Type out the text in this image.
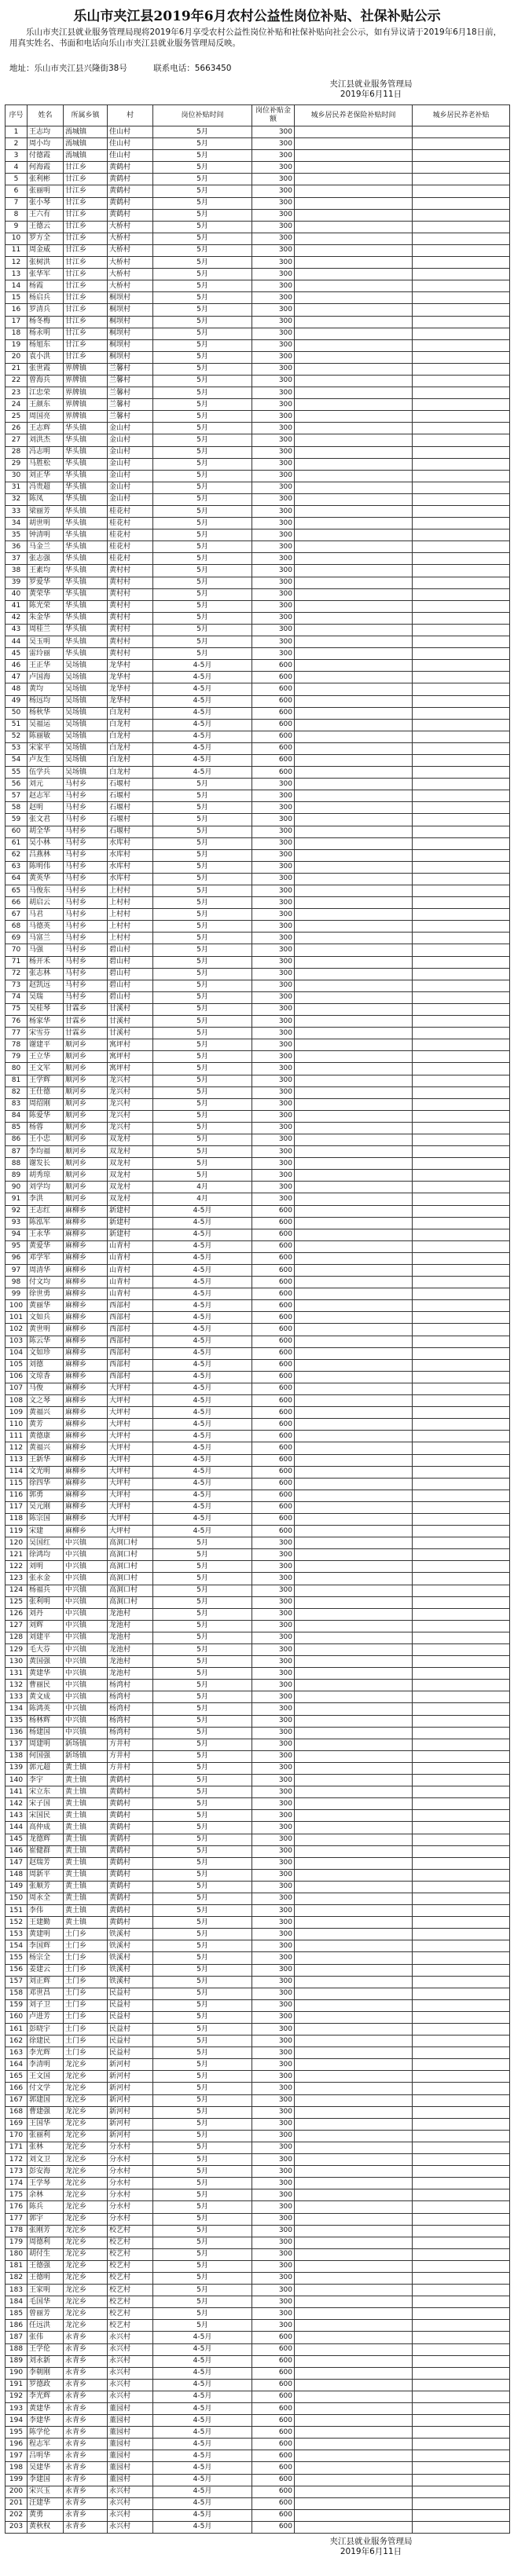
乐山市夹江县2019年6月农村公益性岗位补贴、社保补贴公示

乐山市夹江县就业服务管理局现将2019年6月享受农村公益性岗位补贴和社保补贴向社会公示，如有异议请于2019年6月18日前，用真实姓名、书面和电话向乐山市夹江县就业服务管理局反映。

地址：乐山市夹江县兴隆街38号	联系电话：5663450
夹江县就业服务管理局
2019年6月11日
序号	姓名	所属乡镇	村	岗位补贴时间	岗位补贴金额	城乡居民养老保险补贴时间	城乡居民养老补贴
1	王志均	漹城镇	佳山村	5月	300		
2	周小均	漹城镇	佳山村	5月	300		
3	付德霞	漹城镇	佳山村	5月	300		
4	何海霞	甘江乡	黄鹤村	5月	300		
5	张利彬	甘江乡	黄鹤村	5月	300		
6	张丽明	甘江乡	黄鹤村	5月	300		
7	张小琴	甘江乡	黄鹤村	5月	300		
8	王六有	甘江乡	黄鹤村	5月	300		
9	王德云	甘江乡	大桥村	5月	300		
10	罗方全	甘江乡	大桥村	5月	300		
11	周金威	甘江乡	大桥村	5月	300		
12	张树洪	甘江乡	大桥村	5月	300		
13	张华军	甘江乡	大桥村	5月	300		
14	杨霞	甘江乡	大桥村	5月	300		
15	杨启兵	甘江乡	桐坝村	5月	300		
16	罗清兵	甘江乡	桐坝村	5月	300		
17	杨冬梅	甘江乡	桐坝村	5月	300		
18	杨永明	甘江乡	桐坝村	5月	300		
19	杨旭东	甘江乡	桐坝村	5月	300		
20	袁小洪	甘江乡	桐坝村	5月	300		
21	张世霞	界牌镇	兰馨村	5月	300		
22	曾海兵	界牌镇	兰馨村	5月	300		
23	江忠荣	界牌镇	兰馨村	5月	300		
24	王颜东	界牌镇	兰馨村	5月	300		
25	周国亮	界牌镇	兰馨村	5月	300		
26	王志辉	华头镇	金山村	5月	300		
27	刘洪杰	华头镇	金山村	5月	300		
28	冯志明	华头镇	金山村	5月	300		
29	马胜松	华头镇	金山村	5月	300		
30	刘正华	华头镇	金山村	5月	300		
31	冯贵超	华头镇	金山村	5月	300		
32	陈凤	华头镇	金山村	5月	300		
33	梁丽芳	华头镇	桂花村	5月	300		
34	胡世明	华头镇	桂花村	5月	300		
35	钟清明	华头镇	桂花村	5月	300		
36	马金兰	华头镇	桂花村	5月	300		
37	张志强	华头镇	桂花村	5月	300		
38	王素均	华头镇	黄村村	5月	300		
39	罗爱华	华头镇	黄村村	5月	300		
40	黄荣华	华头镇	黄村村	5月	300		
41	陈光荣	华头镇	黄村村	5月	300		
42	朱金华	华头镇	黄村村	5月	300		
43	周桂兰	华头镇	黄村村	5月	300		
44	吴玉明	华头镇	黄村村	5月	300		
45	雷玲丽	华头镇	黄村村	5月	300		
46	王正华	吴场镇	龙华村	4-5月	600		
47	卢国海	吴场镇	龙华村	4-5月	600		
48	黄均	吴场镇	龙华村	4-5月	600		
49	杨远均	吴场镇	龙华村	4-5月	600		
50	杨秋华	吴场镇	白龙村	4-5月	600		
51	吴福运	吴场镇	白龙村	4-5月	600		
52	陈丽敏	吴场镇	白龙村	4-5月	600		
53	宋家平	吴场镇	白龙村	4-5月	600		
54	卢友生	吴场镇	白龙村	4-5月	600		
55	伍学兵	吴场镇	白龙村	4-5月	600		
56	刘元	马村乡	石堰村	5月	300		
57	赵志军	马村乡	石堰村	5月	300		
58	赵明	马村乡	石堰村	5月	300		
59	张文君	马村乡	石堰村	5月	300		
60	胡全华	马村乡	石堰村	5月	300		
61	吴小林	马村乡	水库村	5月	300		
62	吕燕林	马村乡	水库村	5月	300		
63	陈明伟	马村乡	水库村	5月	300		
64	黄英华	马村乡	水库村	5月	300		
65	马俊东	马村乡	上村村	5月	300		
66	胡启云	马村乡	上村村	5月	300		
67	马君	马村乡	上村村	5月	300		
68	马德英	马村乡	上村村	5月	300		
69	马富兰	马村乡	上村村	5月	300		
70	马强	马村乡	碧山村	5月	300		
71	杨开禾	马村乡	碧山村	5月	300		
72	张志林	马村乡	碧山村	5月	300		
73	赵凯远	马村乡	碧山村	5月	300		
74	吴瑞	马村乡	碧山村	5月	300		
75	吴桂琴	甘霖乡	甘溪村	5月	300		
76	杨家华	甘霖乡	甘溪村	5月	300		
77	宋雪芬	甘霖乡	甘溪村	5月	300		
78	谢建平	顺河乡	寓坪村	5月	300		
79	王立华	顺河乡	寓坪村	5月	300		
80	王文军	顺河乡	寓坪村	5月	300		
81	王学辉	顺河乡	龙兴村	5月	300		
82	王仕德	顺河乡	龙兴村	5月	300		
83	周绍刚	顺河乡	龙兴村	5月	300		
84	陈爱华	顺河乡	龙兴村	5月	300		
85	杨蓉	顺河乡	龙兴村	5月	300		
86	王小忠	顺河乡	双龙村	5月	300		
87	李均福	顺河乡	双龙村	5月	300		
88	谢发长	顺河乡	双龙村	5月	300		
89	胡秀琼	顺河乡	双龙村	5月	300		
90	刘学均	顺河乡	双龙村	4月	300		
91	李洪	顺河乡	双龙村	4月	300		
92	王志红	麻柳乡	新建村	4-5月	600		
93	陈泓军	麻柳乡	新建村	4-5月	600		
94	王永华	麻柳乡	新建村	4-5月	600		
95	黄爱华	麻柳乡	山青村	4-5月	600		
96	邓学军	麻柳乡	山青村	4-5月	600		
97	周清华	麻柳乡	山青村	4-5月	600		
98	付文均	麻柳乡	山青村	4-5月	600		
99	徐世勇	麻柳乡	山青村	4-5月	600		
100	黄丽华	麻柳乡	西部村	4-5月	600		
101	文如兵	麻柳乡	西部村	4-5月	600		
102	黄世明	麻柳乡	西部村	4-5月	600		
103	陈云华	麻柳乡	西部村	4-5月	600		
104	文如珍	麻柳乡	西部村	4-5月	600		
105	刘德	麻柳乡	西部村	4-5月	600		
106	文琼香	麻柳乡	西部村	4-5月	600		
107	马俊	麻柳乡	大坪村	4-5月	600		
108	文之琴	麻柳乡	大坪村	4-5月	600		
109	黄福兴	麻柳乡	大坪村	4-5月	600		
110	黄芳	麻柳乡	大坪村	4-5月	600		
111	黄德康	麻柳乡	大坪村	4-5月	600		
112	黄福兴	麻柳乡	大坪村	4-5月	600		
113	王新华	麻柳乡	大坪村	4-5月	600		
114	文光明	麻柳乡	大坪村	4-5月	600		
115	徐四华	麻柳乡	大坪村	4-5月	600		
116	郭勇	麻柳乡	大坪村	4-5月	600		
117	吴元刚	麻柳乡	大坪村	4-5月	600		
118	陈宗国	麻柳乡	大坪村	4-5月	600		
119	宋建	麻柳乡	大坪村	4-5月	600		
120	吴国红	中兴镇	高洞口村	5月	300		
121	徐鸿均	中兴镇	高洞口村	5月	300		
122	刘明	中兴镇	高洞口村	5月	300		
123	张永金	中兴镇	高洞口村	5月	300		
124	杨福兵	中兴镇	高洞口村	5月	300		
125	张利明	中兴镇	高洞口村	5月	300		
126	刘丹	中兴镇	龙池村	5月	300		
127	刘辉	中兴镇	龙池村	5月	300		
128	刘建平	中兴镇	龙池村	5月	300		
129	毛大芬	中兴镇	龙池村	5月	300		
130	黄国强	中兴镇	龙池村	5月	300		
131	黄建华	中兴镇	龙池村	5月	300		
132	曹丽民	中兴镇	杨湾村	5月	300		
133	黄文成	中兴镇	杨湾村	5月	300		
134	陈鸿英	中兴镇	杨湾村	5月	300		
135	杨林辉	中兴镇	杨湾村	5月	300		
136	杨建国	中兴镇	杨湾村	5月	300		
137	周建明	新场镇	方井村	5月	300		
138	何国强	新场镇	方井村	5月	300		
139	郭元超	黄土镇	方井村	5月	300		
140	李宇	黄土镇	黄鹤村	5月	300		
141	宋立东	黄土镇	黄鹤村	5月	300		
142	宋子国	黄土镇	黄鹤村	5月	300		
143	宋国民	黄土镇	黄鹤村	5月	300		
144	高仲成	黄土镇	黄鹤村	5月	300		
145	龙德辉	黄土镇	黄鹤村	5月	300		
146	崔健群	黄土镇	黄鹤村	5月	300		
147	赵瑞芳	黄土镇	黄鹤村	5月	300		
148	周新平	黄土镇	黄鹤村	5月	300		
149	张顺芳	黄土镇	黄鹤村	5月	300		
150	周永全	黄土镇	黄鹤村	5月	300		
151	李伟	黄土镇	黄鹤村	5月	300		
152	王建勤	黄土镇	黄鹤村	5月	300		
153	黄建明	土门乡	铁溪村	5月	300		
154	李国辉	土门乡	铁溪村	5月	300		
155	杨宗全	土门乡	铁溪村	5月	300		
156	姜建云	土门乡	铁溪村	5月	300		
157	刘正辉	土门乡	铁溪村	5月	300		
158	邓世昌	土门乡	民益村	5月	300		
159	刘子卫	土门乡	民益村	5月	300		
160	卢进芳	土门乡	民益村	5月	300		
161	彭晓宇	土门乡	民益村	5月	300		
162	徐建民	土门乡	民益村	5月	300		
163	李光辉	土门乡	民益村	5月	300		
164	李清明	龙沱乡	新河村	5月	300		
165	王文国	龙沱乡	新河村	5月	300		
166	付文学	龙沱乡	新河村	5月	300		
167	郭建国	龙沱乡	新河村	5月	300		
168	曹建强	龙沱乡	新河村	5月	300		
169	王国华	龙沱乡	新河村	5月	300		
170	张丽利	龙沱乡	新河村	5月	300		
171	张林	龙沱乡	分水村	5月	300		
172	刘文卫	龙沱乡	分水村	5月	300		
173	彭安海	龙沱乡	分水村	5月	300		
174	王学琴	龙沱乡	分水村	5月	300		
175	余林	龙沱乡	分水村	5月	300		
176	陈兵	龙沱乡	分水村	5月	300		
177	郭宇	龙沱乡	分水村	5月	300		
178	张刚芳	龙沱乡	校艺村	5月	300		
179	周德利	龙沱乡	校艺村	5月	300		
180	胡付生	龙沱乡	校艺村	5月	300		
181	王德强	龙沱乡	校艺村	5月	300		
182	王德明	龙沱乡	校艺村	5月	300		
183	王家明	龙沱乡	校艺村	5月	300		
184	毛国华	龙沱乡	校艺村	5月	300		
185	曾丽芳	龙沱乡	校艺村	5月	300		
186	任远洪	龙沱乡	校艺村	5月	300		
187	张伟	永青乡	永兴村	4-5月	600		
188	王学伦	永青乡	永兴村	4-5月	600		
189	刘永新	永青乡	永兴村	4-5月	600		
190	李朝刚	永青乡	永兴村	4-5月	600		
191	罗德政	永青乡	永兴村	4-5月	600		
192	李光辉	永青乡	永兴村	4-5月	600		
193	黄建华	永青乡	董园村	4-5月	600		
194	李建华	永青乡	董园村	4-5月	600		
195	陈学伦	永青乡	董园村	4-5月	600		
196	程志军	永青乡	董园村	4-5月	600		
197	吕明华	永青乡	董园村	4-5月	600		
198	吴建华	永青乡	董园村	4-5月	600		
199	李建国	永青乡	董园村	4-5月	600		
200	宋兴玉	永青乡	永兴村	4-5月	600		
201	汪建华	永青乡	永兴村	4-5月	600		
202	黄勇	永青乡	永兴村	4-5月	600		
203	黄秋权	永青乡	永兴村	4-5月	600		
夹江县就业服务管理局
2019年6月11日
